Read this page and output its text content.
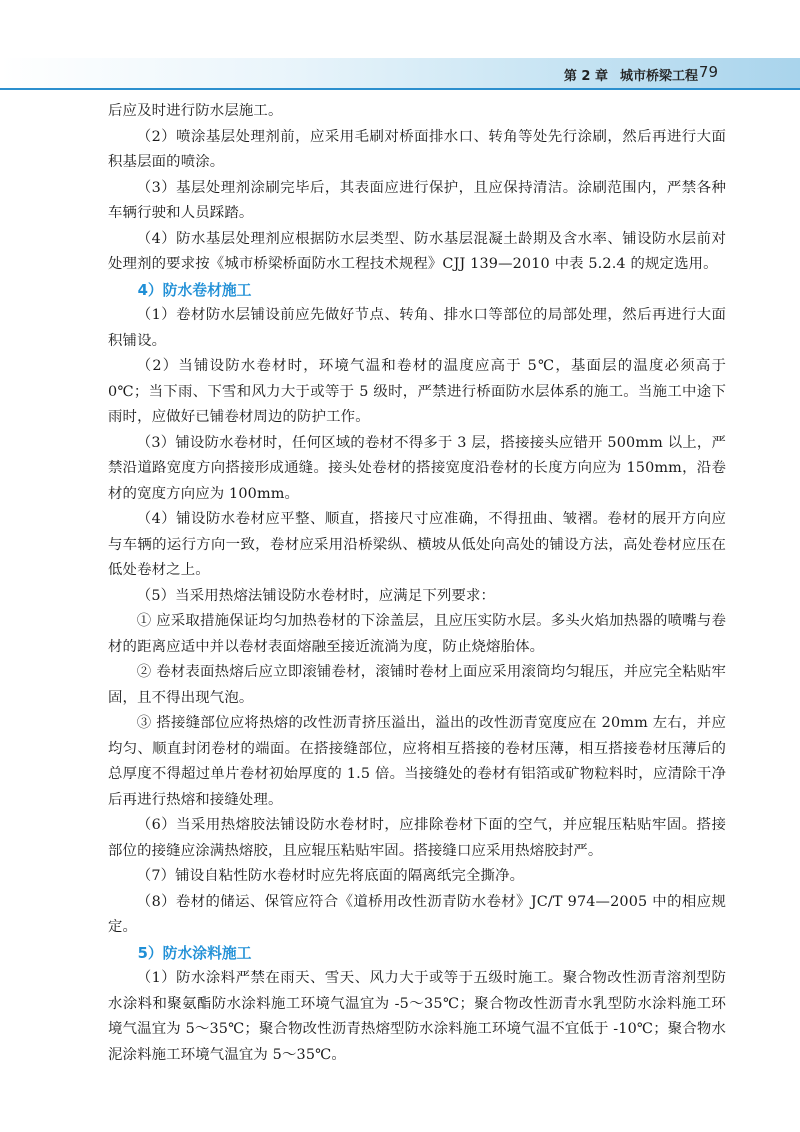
第 2 章 城市桥梁工程 79

后应及时进行防水层施工。

（2）喷涂基层处理剂前，应采用毛刷对桥面排水口、转角等处先行涂刷，然后再进行大面积基层面的喷涂。

（3）基层处理剂涂刷完毕后，其表面应进行保护，且应保持清洁。涂刷范围内，严禁各种车辆行驶和人员踩踏。

（4）防水基层处理剂应根据防水层类型、防水基层混凝土龄期及含水率、铺设防水层前对处理剂的要求按《城市桥梁桥面防水工程技术规程》CJJ 139—2010 中表 5.2.4 的规定选用。

4）防水卷材施工

（1）卷材防水层铺设前应先做好节点、转角、排水口等部位的局部处理，然后再进行大面积铺设。

（2）当铺设防水卷材时，环境气温和卷材的温度应高于 5℃，基面层的温度必须高于 0℃；当下雨、下雪和风力大于或等于 5 级时，严禁进行桥面防水层体系的施工。当施工中途下雨时，应做好已铺卷材周边的防护工作。

（3）铺设防水卷材时，任何区域的卷材不得多于 3 层，搭接接头应错开 500mm 以上，严禁沿道路宽度方向搭接形成通缝。接头处卷材的搭接宽度沿卷材的长度方向应为 150mm，沿卷材的宽度方向应为 100mm。

（4）铺设防水卷材应平整、顺直，搭接尺寸应准确，不得扭曲、皱褶。卷材的展开方向应与车辆的运行方向一致，卷材应采用沿桥梁纵、横坡从低处向高处的铺设方法，高处卷材应压在低处卷材之上。

（5）当采用热熔法铺设防水卷材时，应满足下列要求：

① 应采取措施保证均匀加热卷材的下涂盖层，且应压实防水层。多头火焰加热器的喷嘴与卷材的距离应适中并以卷材表面熔融至接近流淌为度，防止烧熔胎体。

② 卷材表面热熔后应立即滚铺卷材，滚铺时卷材上面应采用滚筒均匀辊压，并应完全粘贴牢固，且不得出现气泡。

③ 搭接缝部位应将热熔的改性沥青挤压溢出，溢出的改性沥青宽度应在 20mm 左右，并应均匀、顺直封闭卷材的端面。在搭接缝部位，应将相互搭接的卷材压薄，相互搭接卷材压薄后的总厚度不得超过单片卷材初始厚度的 1.5 倍。当接缝处的卷材有铝箔或矿物粒料时，应清除干净后再进行热熔和接缝处理。

（6）当采用热熔胶法铺设防水卷材时，应排除卷材下面的空气，并应辊压粘贴牢固。搭接部位的接缝应涂满热熔胶，且应辊压粘贴牢固。搭接缝口应采用热熔胶封严。

（7）铺设自粘性防水卷材时应先将底面的隔离纸完全撕净。

（8）卷材的储运、保管应符合《道桥用改性沥青防水卷材》JC/T 974—2005 中的相应规定。

5）防水涂料施工

（1）防水涂料严禁在雨天、雪天、风力大于或等于五级时施工。聚合物改性沥青溶剂型防水涂料和聚氨酯防水涂料施工环境气温宜为 -5～35℃；聚合物改性沥青水乳型防水涂料施工环境气温宜为 5～35℃；聚合物改性沥青热熔型防水涂料施工环境气温不宜低于 -10℃；聚合物水泥涂料施工环境气温宜为 5～35℃。
